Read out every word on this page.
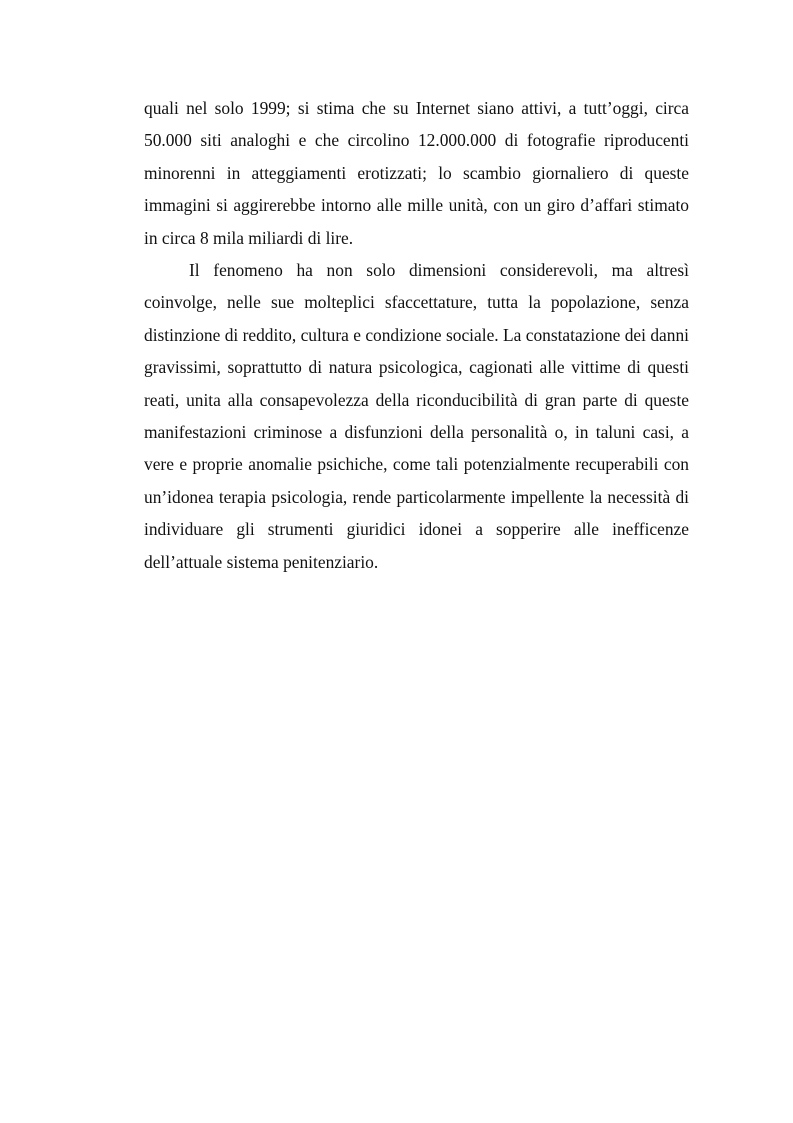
quali nel solo 1999; si stima che su Internet siano attivi, a tutt’oggi, circa 50.000 siti analoghi e che circolino 12.000.000 di fotografie riproducenti minorenni in atteggiamenti erotizzati; lo scambio giornaliero di queste immagini si aggirerebbe intorno alle mille unità, con un giro d’affari stimato in circa 8 mila miliardi di lire.

Il fenomeno ha non solo dimensioni considerevoli, ma altresì coinvolge, nelle sue molteplici sfaccettature, tutta la popolazione, senza distinzione di reddito, cultura e condizione sociale. La constatazione dei danni gravissimi, soprattutto di natura psicologica, cagionati alle vittime di questi reati, unita alla consapevolezza della riconducibilità di gran parte di queste manifestazioni criminose a disfunzioni della personalità o, in taluni casi, a vere e proprie anomalie psichiche, come tali potenzialmente recuperabili con un’idonea terapia psicologia, rende particolarmente impellente la necessità di individuare gli strumenti giuridici idonei a sopperire alle inefficenze dell’attuale sistema penitenziario.
